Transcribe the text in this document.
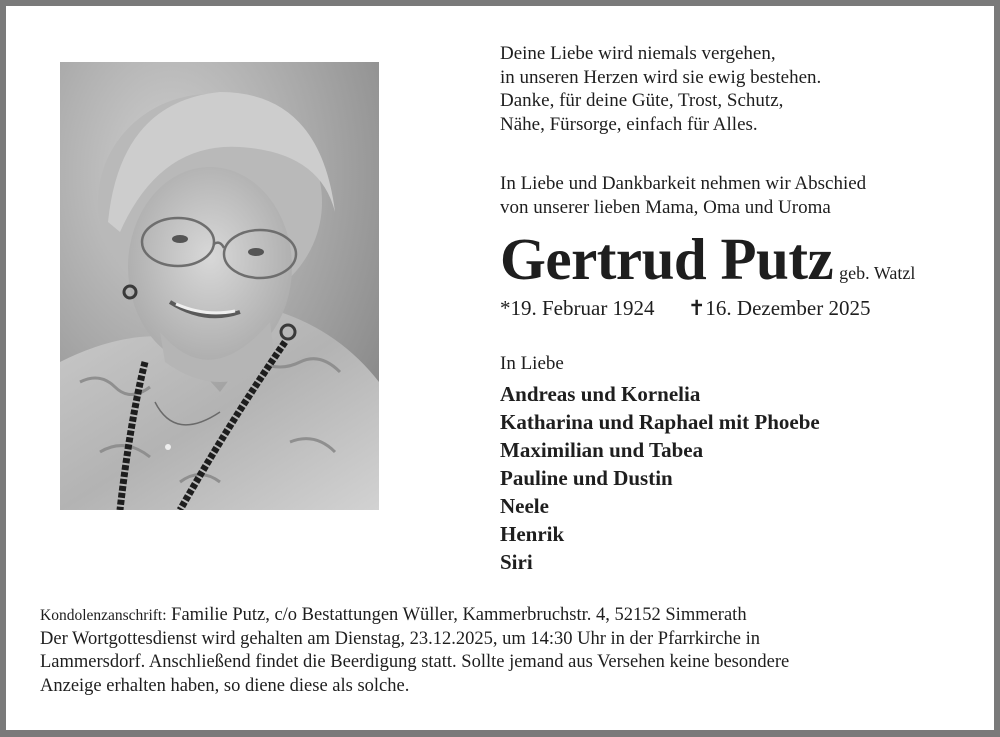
Deine Liebe wird niemals vergehen,
in unseren Herzen wird sie ewig bestehen.
Danke, für deine Güte, Trost, Schutz,
Nähe, Fürsorge, einfach für Alles.
In Liebe und Dankbarkeit nehmen wir Abschied
von unserer lieben Mama, Oma und Uroma
Gertrud Putz geb. Watzl
*19. Februar 1924 ✝16. Dezember 2025
In Liebe
Andreas und Kornelia
Katharina und Raphael mit Phoebe
Maximilian und Tabea
Pauline und Dustin
Neele
Henrik
Siri
Kondolenzanschrift: Familie Putz, c/o Bestattungen Wüller, Kammerbruchstr. 4, 52152 Simmerath
Der Wortgottesdienst wird gehalten am Dienstag, 23.12.2025, um 14:30 Uhr in der Pfarrkirche in
Lammersdorf. Anschließend findet die Beerdigung statt. Sollte jemand aus Versehen keine besondere
Anzeige erhalten haben, so diene diese als solche.
